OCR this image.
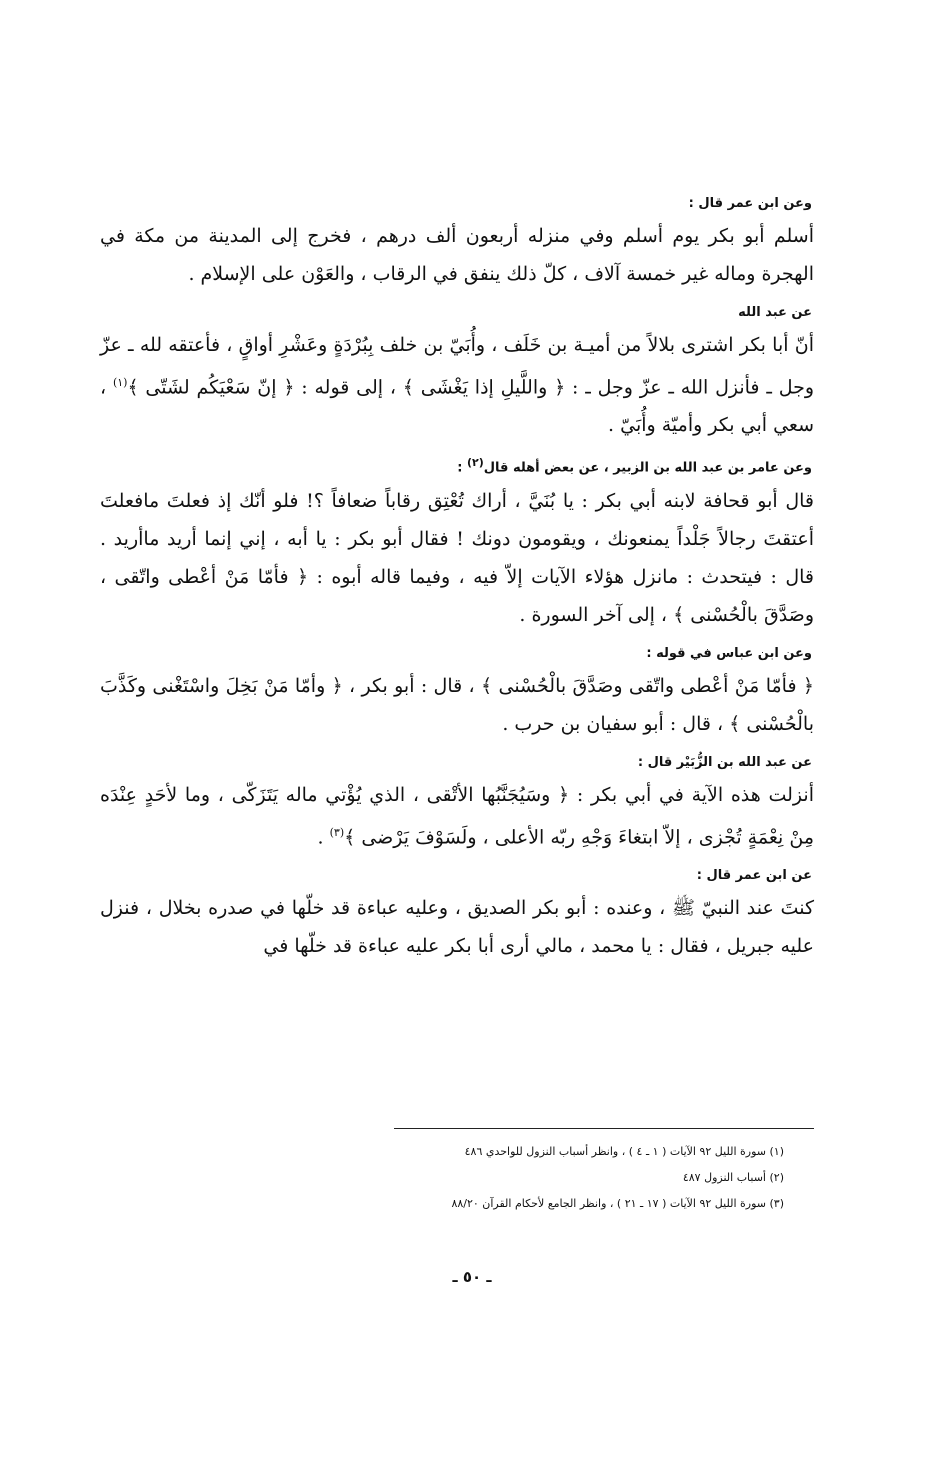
وعن ابن عمر قال :

أسلم أبو بكر يوم أسلم وفي منزله أربعون ألف درهم ، فخرج إلى المدينة من مكة في الهجرة وماله غير خمسة آلاف ، كلّ ذلك ينفق في الرقاب ، والعَوْن على الإسلام .

عن عبد الله

أنّ أبا بكر اشترى بلالاً من أميـة بن خَلَف ، وأُبَيّ بن خلف بِبُرْدَةٍ وعَشْرِ أواقٍ ، فأعتقه لله ـ عزّ وجل ـ فأنزل الله ـ عزّ وجل ـ : ﴿ واللَّيلِ إذا يَغْشَى ﴾ ، إلى قوله : ﴿ إنّ سَعْيَكُم لشَتّى ﴾$^{(١)}$ ، سعي أبي بكر وأميّة وأُبَيّ .

وعن عامر بن عبد الله بن الزبير ، عن بعض أهله قال$^{(٢)}$ :

قال أبو قحافة لابنه أبي بكر : يا بُنَيَّ ، أراك تُعْتِق رقاباً ضعافاً ؟! فلو أنّك إذ فعلتَ مافعلتَ أعتقتَ رجالاً جَلْداً يمنعونك ، ويقومون دونك ! فقال أبو بكر : يا أبه ، إني إنما أريد ماأريد . قال : فيتحدث : مانزل هؤلاء الآيات إلاّ فيه ، وفيما قاله أبوه : ﴿ فأمّا مَنْ أعْطى واتّقى ، وصَدَّقَ بالْحُسْنى ﴾ ، إلى آخر السورة .

وعن ابن عباس في قوله :

﴿ فأمّا مَنْ أعْطى واتّقى وصَدَّقَ بالْحُسْنى ﴾ ، قال : أبو بكر ، ﴿ وأمّا مَنْ بَخِلَ واسْتَغْنى وكَذَّبَ بالْحُسْنى ﴾ ، قال : أبو سفيان بن حرب .

عن عبد الله بن الزُّبَيْر قال :

أنزلت هذه الآية في أبي بكر : ﴿ وسَيُجَنَّبُها الأتْقى ، الذي يُؤْتي ماله يَتَزَكّى ، وما لأحَدٍ عِنْدَه مِنْ نِعْمَةٍ تُجْزى ، إلاّ ابتغاءَ وَجْهِ ربّه الأعلى ، ولَسَوْفَ يَرْضى ﴾$^{(٣)}$ .

عن ابن عمر قال :

كنتَ عند النبيّ ﷺ ، وعنده : أبو بكر الصديق ، وعليه عباءة قد خلّها في صدره بخلال ، فنزل عليه جبريل ، فقال : يا محمد ، مالي أرى أبا بكر عليه عباءة قد خلّها في

(١) سورة الليل ٩٢ الآيات ( ١ ـ ٤ ) ، وانظر أسباب النزول للواحدي ٤٨٦
(٢) أسباب النزول ٤٨٧
(٣) سورة الليل ٩٢ الآيات ( ١٧ ـ ٢١ ) ، وانظر الجامع لأحكام القرآن ٨٨/٢٠
ـ ٥٠ ـ
